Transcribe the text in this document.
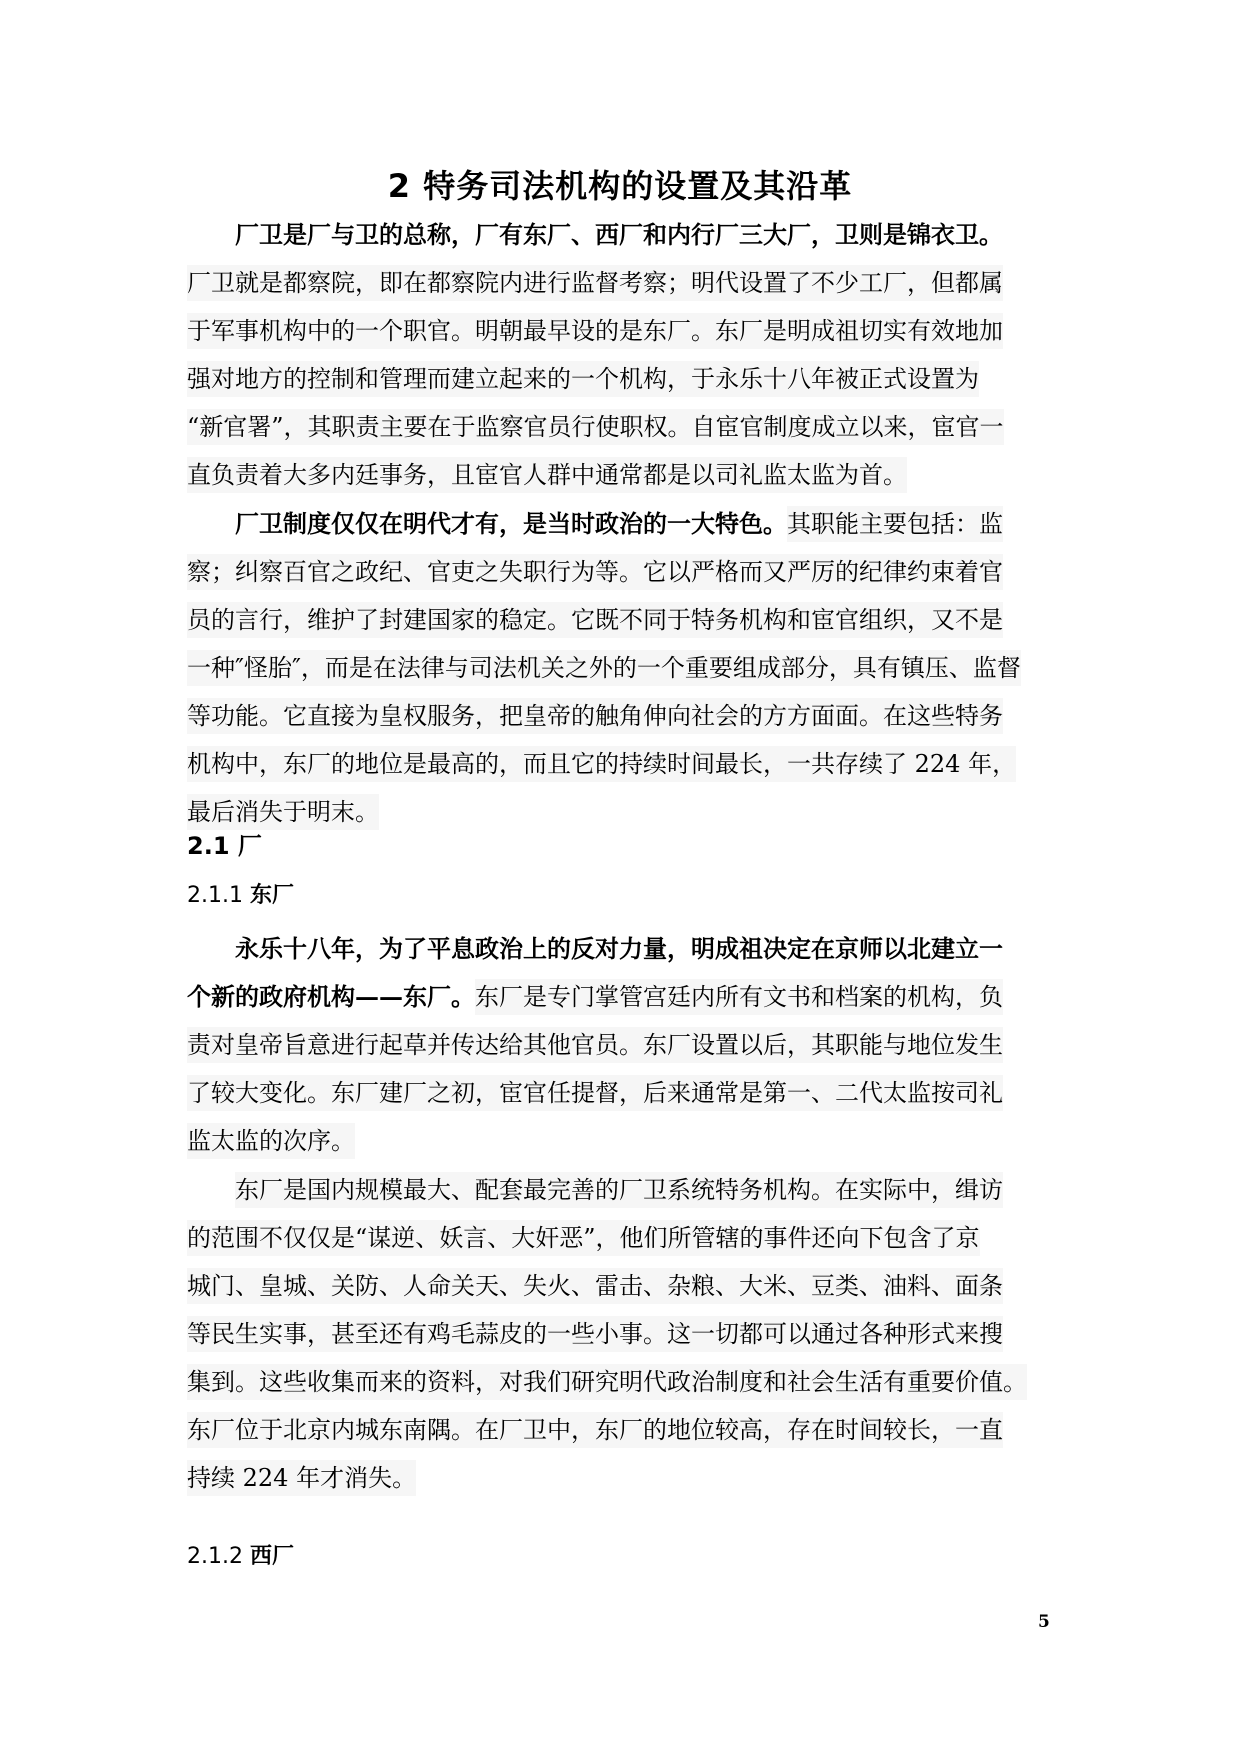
2 特务司法机构的设置及其沿革
厂卫是厂与卫的总称，厂有东厂、西厂和内行厂三大厂，卫则是锦衣卫。
厂卫就是都察院，即在都察院内进行监督考察；明代设置了不少工厂，但都属
于军事机构中的一个职官。明朝最早设的是东厂。东厂是明成祖切实有效地加
强对地方的控制和管理而建立起来的一个机构，于永乐十八年被正式设置为
“新官署”，其职责主要在于监察官员行使职权。自宦官制度成立以来，宦官一
直负责着大多内廷事务，且宦官人群中通常都是以司礼监太监为首。
厂卫制度仅仅在明代才有，是当时政治的一大特色。其职能主要包括：监
察；纠察百官之政纪、官吏之失职行为等。它以严格而又严厉的纪律约束着官
员的言行，维护了封建国家的稳定。它既不同于特务机构和宦官组织，又不是
一种″怪胎″，而是在法律与司法机关之外的一个重要组成部分，具有镇压、监督
等功能。它直接为皇权服务，把皇帝的触角伸向社会的方方面面。在这些特务
机构中，东厂的地位是最高的，而且它的持续时间最长，一共存续了 224 年，
最后消失于明末。
2.1 厂
2.1.1 东厂
永乐十八年，为了平息政治上的反对力量，明成祖决定在京师以北建立一
个新的政府机构——东厂。东厂是专门掌管宫廷内所有文书和档案的机构，负
责对皇帝旨意进行起草并传达给其他官员。东厂设置以后，其职能与地位发生
了较大变化。东厂建厂之初，宦官任提督，后来通常是第一、二代太监按司礼
监太监的次序。
东厂是国内规模最大、配套最完善的厂卫系统特务机构。在实际中，缉访
的范围不仅仅是“谋逆、妖言、大奸恶”，他们所管辖的事件还向下包含了京
城门、皇城、关防、人命关天、失火、雷击、杂粮、大米、豆类、油料、面条
等民生实事，甚至还有鸡毛蒜皮的一些小事。这一切都可以通过各种形式来搜
集到。这些收集而来的资料，对我们研究明代政治制度和社会生活有重要价值。
东厂位于北京内城东南隅。在厂卫中，东厂的地位较高，存在时间较长，一直
持续 224 年才消失。
2.1.2 西厂
5
